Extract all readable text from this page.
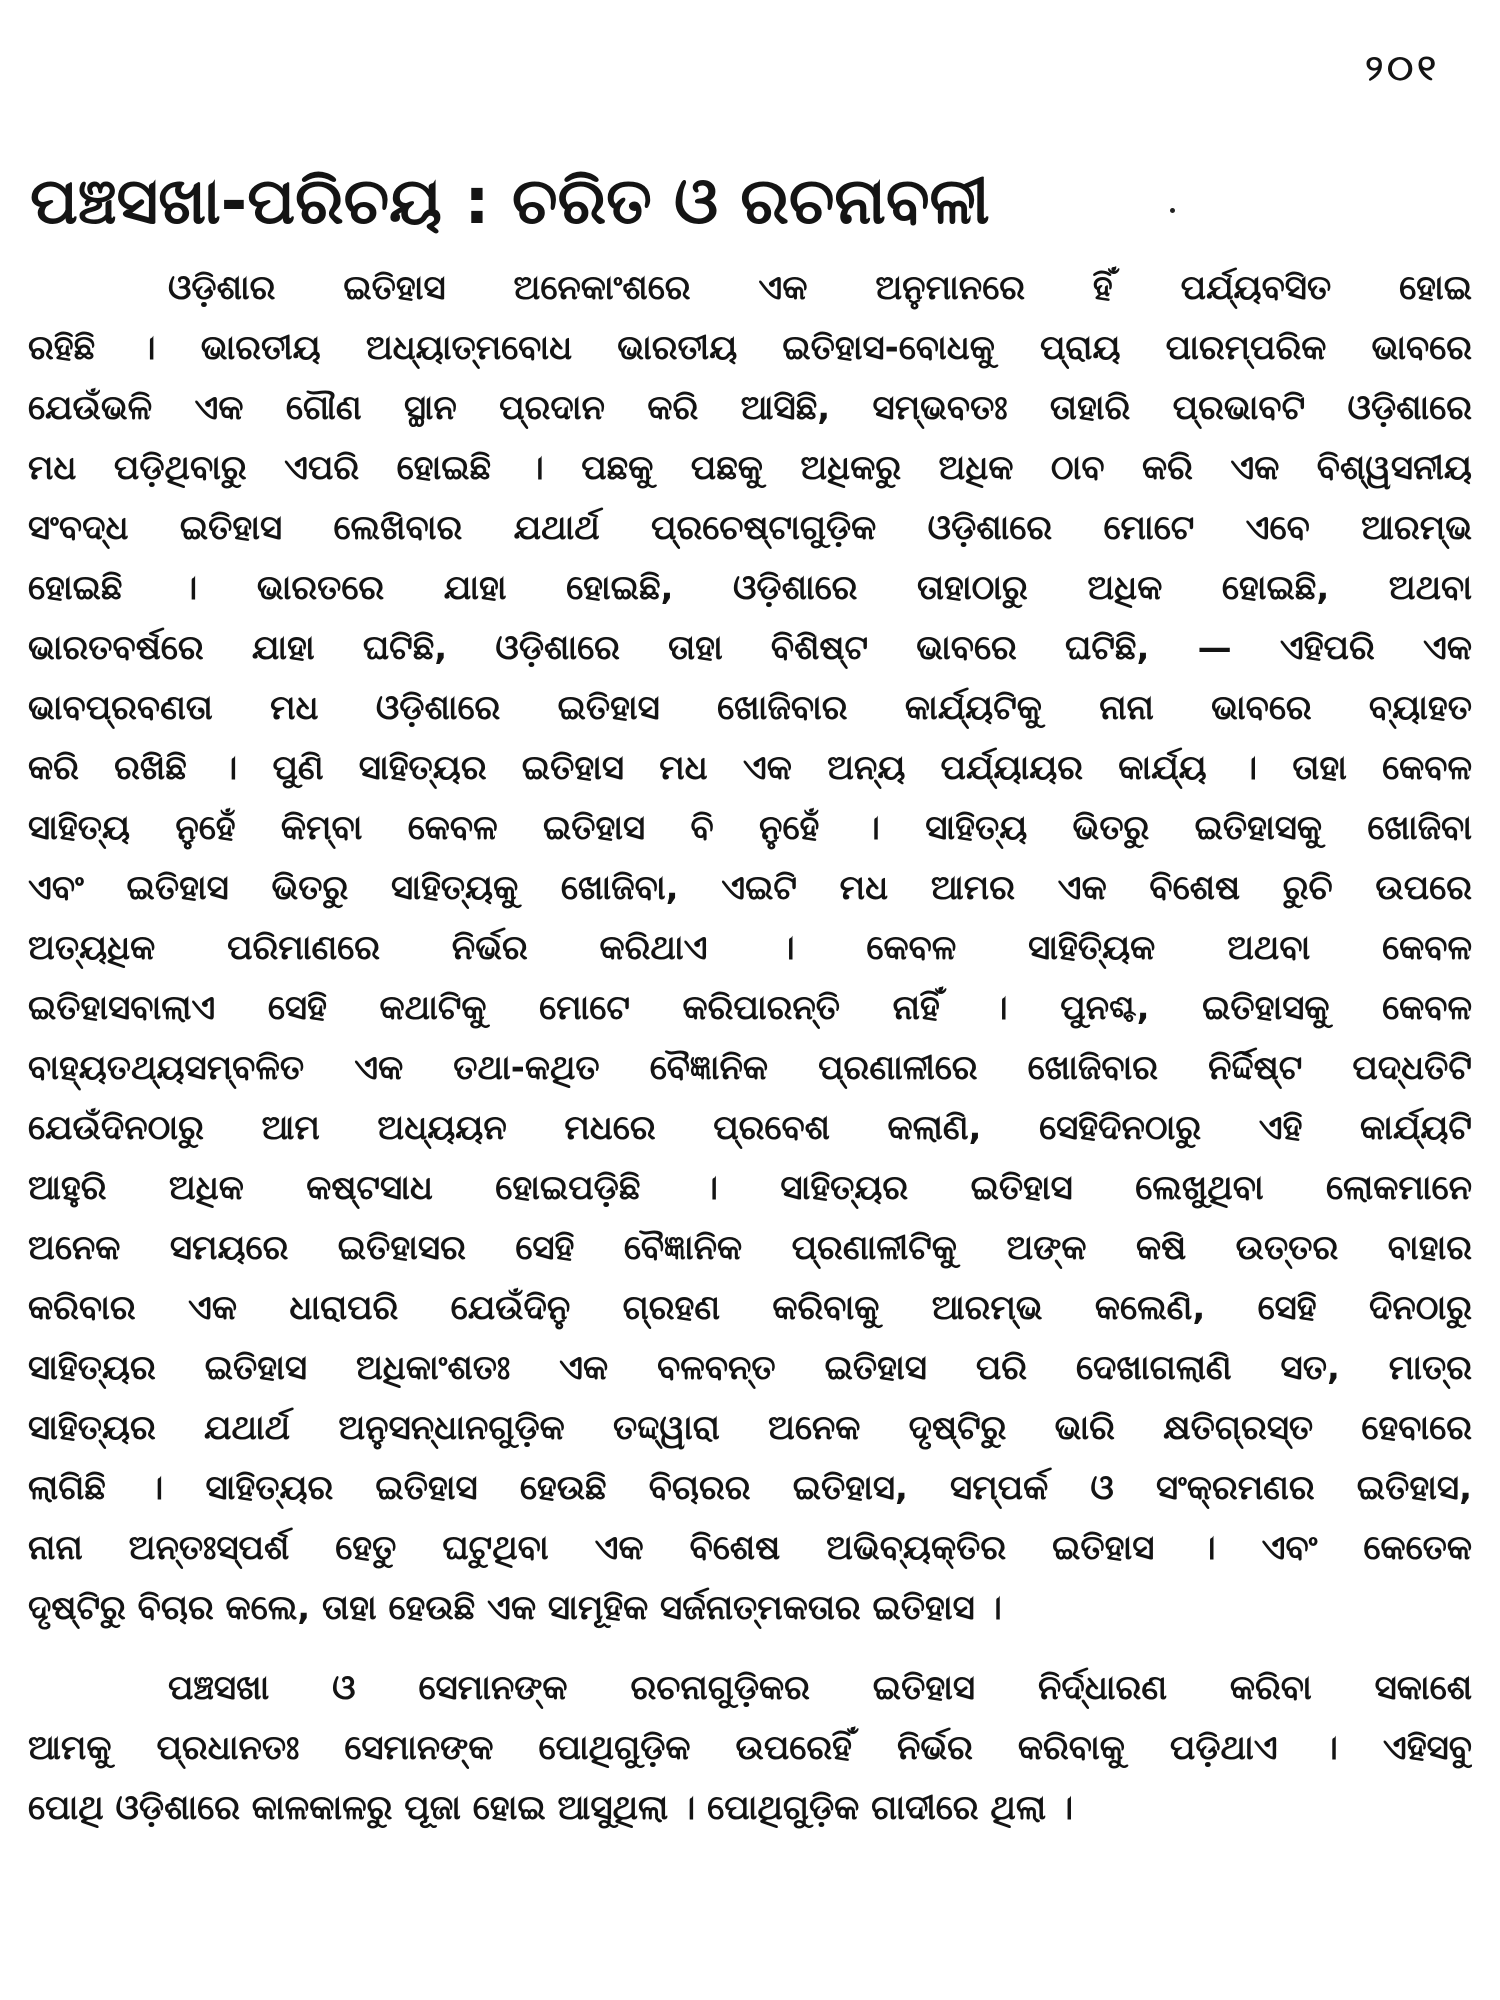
୨୦୧
ପଞ୍ଚସଖା-ପରିଚୟ : ଚରିତ ଓ ରଚନାବଳୀ
ଓଡ଼ିଶାର ଇତିହାସ ଅନେକାଂଶରେ ଏକ ଅନୁମାନରେ ହିଁ ପର୍ଯ୍ୟବସିତ ହୋଇ
ରହିଛି । ଭାରତୀୟ ଅଧ୍ୟାତ୍ମବୋଧ ଭାରତୀୟ ଇତିହାସ-ବୋଧକୁ ପ୍ରାୟ ପାରମ୍ପରିକ ଭାବରେ
ଯେଉଁଭଳି ଏକ ଗୌଣ ସ୍ଥାନ ପ୍ରଦାନ କରି ଆସିଛି, ସମ୍ଭବତଃ ତାହାରି ପ୍ରଭାବଟି ଓଡ଼ିଶାରେ
ମଧ ପଡ଼ିଥିବାରୁ ଏପରି ହୋଇଛି । ପଛକୁ ପଛକୁ ଅଧିକରୁ ଅଧିକ ଠାବ କରି ଏକ ବିଶ୍ୱସନୀୟ
ସଂବଦ୍ଧ ଇତିହାସ ଲେଖିବାର ଯଥାର୍ଥ ପ୍ରଚେଷ୍ଟାଗୁଡ଼ିକ ଓଡ଼ିଶାରେ ମୋଟେ ଏବେ ଆରମ୍ଭ
ହୋଇଛି । ଭାରତରେ ଯାହା ହୋଇଛି, ଓଡ଼ିଶାରେ ତାହାଠାରୁ ଅଧିକ ହୋଇଛି, ଅଥବା
ଭାରତବର୍ଷରେ ଯାହା ଘଟିଛି, ଓଡ଼ିଶାରେ ତାହା ବିଶିଷ୍ଟ ଭାବରେ ଘଟିଛି, — ଏହିପରି ଏକ
ଭାବପ୍ରବଣତା ମଧ ଓଡ଼ିଶାରେ ଇତିହାସ ଖୋଜିବାର କାର୍ଯ୍ୟଟିକୁ ନାନା ଭାବରେ ବ୍ୟାହତ
କରି ରଖିଛି । ପୁଣି ସାହିତ୍ୟର ଇତିହାସ ମଧ ଏକ ଅନ୍ୟ ପର୍ଯ୍ୟାୟର କାର୍ଯ୍ୟ । ତାହା କେବଳ
ସାହିତ୍ୟ ନୁହେଁ କିମ୍ବା କେବଳ ଇତିହାସ ବି ନୁହେଁ । ସାହିତ୍ୟ ଭିତରୁ ଇତିହାସକୁ ଖୋଜିବା
ଏବଂ ଇତିହାସ ଭିତରୁ ସାହିତ୍ୟକୁ ଖୋଜିବା, ଏଇଟି ମଧ ଆମର ଏକ ବିଶେଷ ରୁଚି ଉପରେ
ଅତ୍ୟଧିକ ପରିମାଣରେ ନିର୍ଭର କରିଥାଏ । କେବଳ ସାହିତ୍ୟିକ ଅଥବା କେବଳ
ଇତିହାସବାଲାଏ ସେହି କଥାଟିକୁ ମୋଟେ କରିପାରନ୍ତି ନାହିଁ । ପୁନଶ୍ଚ, ଇତିହାସକୁ କେବଳ
ବାହ୍ୟତଥ୍ୟସମ୍ବଳିତ ଏକ ତଥା-କଥିତ ବୈଜ୍ଞାନିକ ପ୍ରଣାଳୀରେ ଖୋଜିବାର ନିର୍ଦ୍ଦିଷ୍ଟ ପଦ୍ଧତିଟି
ଯେଉଁଦିନଠାରୁ ଆମ ଅଧ୍ୟୟନ ମଧରେ ପ୍ରବେଶ କଲାଣି, ସେହିଦିନଠାରୁ ଏହି କାର୍ଯ୍ୟଟି
ଆହୁରି ଅଧିକ କଷ୍ଟସାଧ ହୋଇପଡ଼ିଛି । ସାହିତ୍ୟର ଇତିହାସ ଲେଖୁଥିବା ଲୋକମାନେ
ଅନେକ ସମୟରେ ଇତିହାସର ସେହି ବୈଜ୍ଞାନିକ ପ୍ରଣାଳୀଟିକୁ ଅଙ୍କ କଷି ଉତ୍ତର ବାହାର
କରିବାର ଏକ ଧାରାପରି ଯେଉଁଦିନୁ ଗ୍ରହଣ କରିବାକୁ ଆରମ୍ଭ କଲେଣି, ସେହି ଦିନଠାରୁ
ସାହିତ୍ୟର ଇତିହାସ ଅଧିକାଂଶତଃ ଏକ ବଳବନ୍ତ ଇତିହାସ ପରି ଦେଖାଗଲାଣି ସତ, ମାତ୍ର
ସାହିତ୍ୟର ଯଥାର୍ଥ ଅନୁସନ୍ଧାନଗୁଡ଼ିକ ତଦ୍ଦ୍ୱାରା ଅନେକ ଦୃଷ୍ଟିରୁ ଭାରି କ୍ଷତିଗ୍ରସ୍ତ ହେବାରେ
ଲାଗିଛି । ସାହିତ୍ୟର ଇତିହାସ ହେଉଛି ବିଚାରର ଇତିହାସ, ସମ୍ପର୍କ ଓ ସଂକ୍ରମଣର ଇତିହାସ,
ନାନା ଅନ୍ତଃସ୍ପର୍ଶ ହେତୁ ଘଟୁଥିବା ଏକ ବିଶେଷ ଅଭିବ୍ୟକ୍ତିର ଇତିହାସ । ଏବଂ କେତେକ
ଦୃଷ୍ଟିରୁ ବିଚାର କଲେ, ତାହା ହେଉଛି ଏକ ସାମୂହିକ ସର୍ଜନାତ୍ମକତାର ଇତିହାସ ।
ପଞ୍ଚସଖା ଓ ସେମାନଙ୍କ ରଚନାଗୁଡ଼ିକର ଇତିହାସ ନିର୍ଦ୍ଧାରଣ କରିବା ସକାଶେ
ଆମକୁ ପ୍ରଧାନତଃ ସେମାନଙ୍କ ପୋଥିଗୁଡ଼ିକ ଉପରେହିଁ ନିର୍ଭର କରିବାକୁ ପଡ଼ିଥାଏ । ଏହିସବୁ
ପୋଥି ଓଡ଼ିଶାରେ କାଳକାଳରୁ ପୂଜା ହୋଇ ଆସୁଥିଲା । ପୋଥିଗୁଡ଼ିକ ଗାଦୀରେ ଥିଲା ।
